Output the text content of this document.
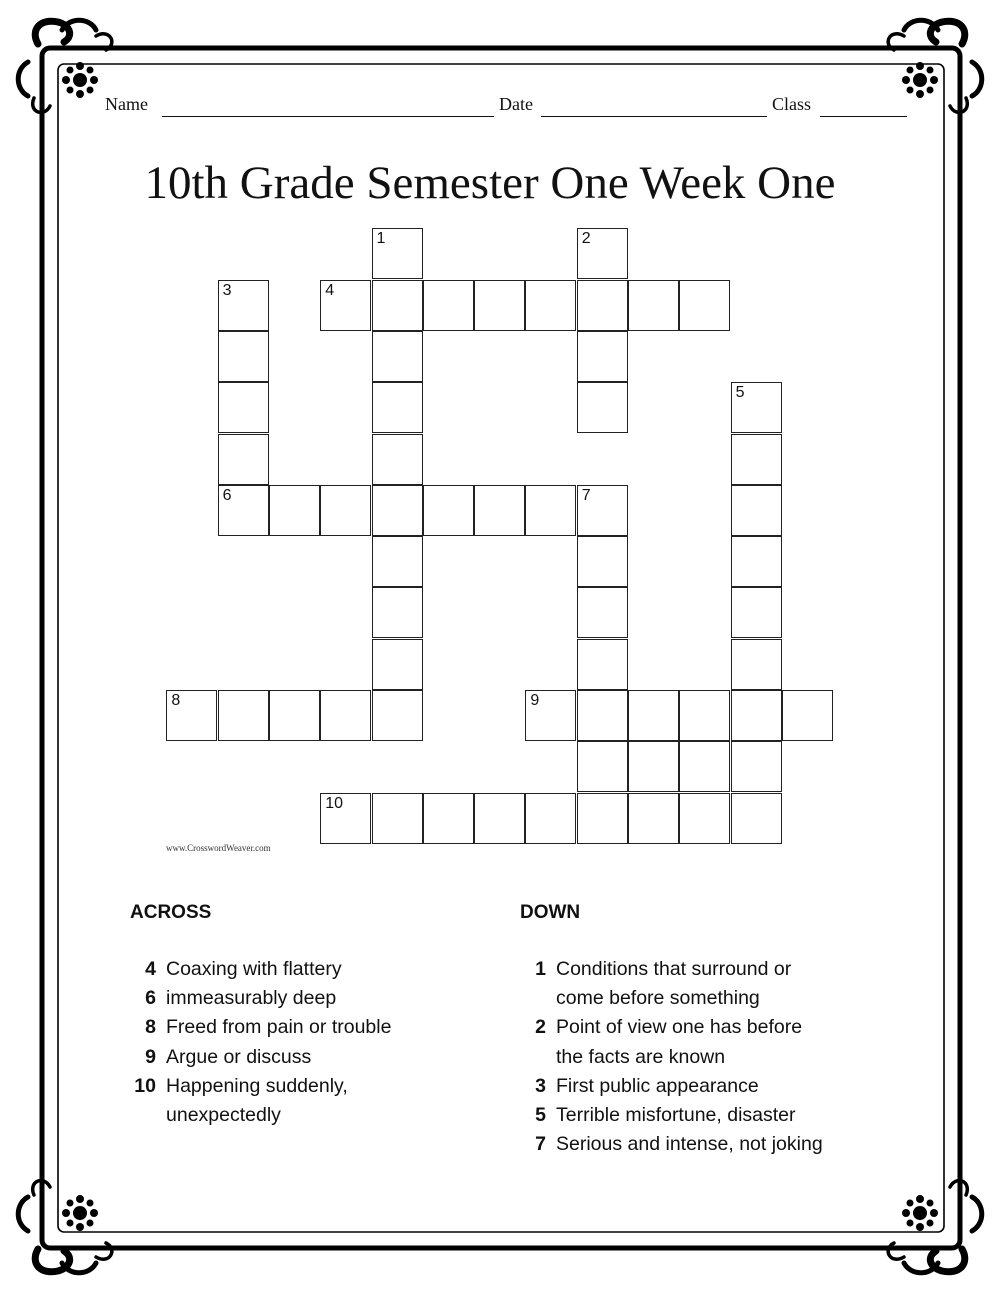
Name	Date	Class
10th Grade Semester One Week One
1	2
3	4
5
6	7
8	9
10
www.CrosswordWeaver.com
ACROSS	DOWN
4 Coaxing with flattery
6 immeasurably deep
8 Freed from pain or trouble
9 Argue or discuss
10 Happening suddenly,
unexpectedly
1 Conditions that surround or
come before something
2 Point of view one has before
the facts are known
3 First public appearance
5 Terrible misfortune, disaster
7 Serious and intense, not joking
